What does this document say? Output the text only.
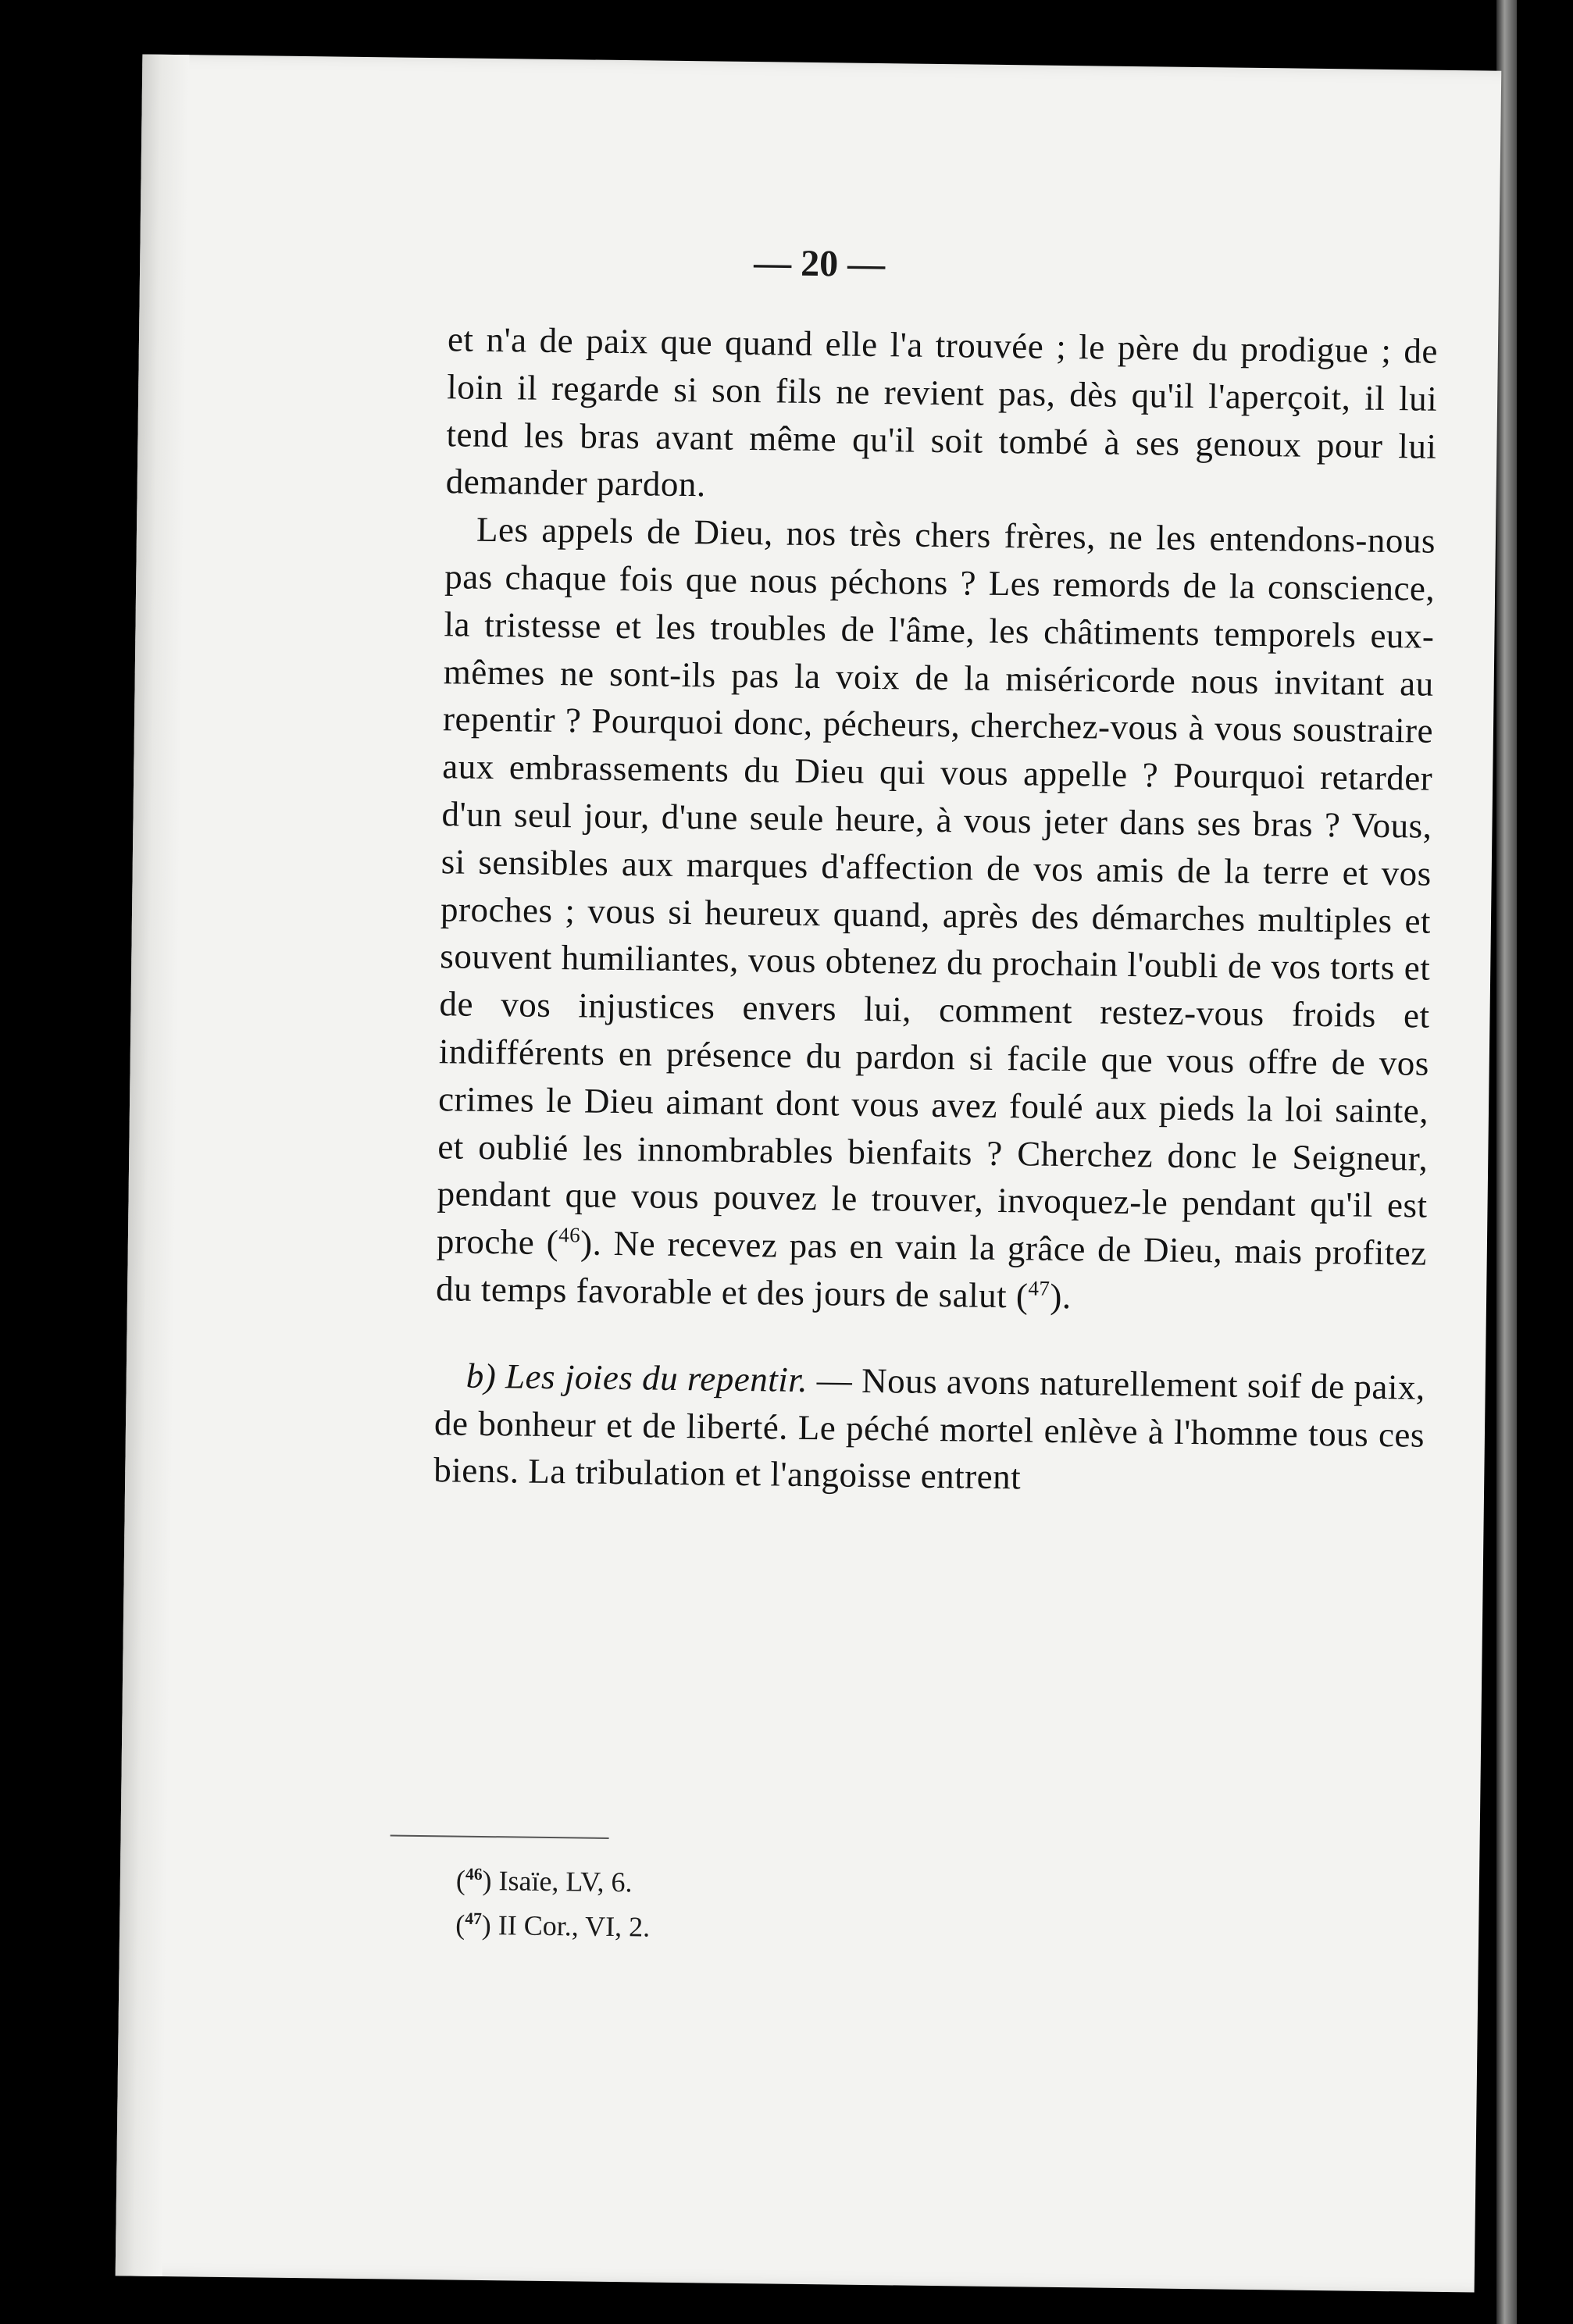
— 20 —

et n'a de paix que quand elle l'a trouvée ; le père du prodigue ; de loin il regarde si son fils ne revient pas, dès qu'il l'aperçoit, il lui tend les bras avant même qu'il soit tombé à ses genoux pour lui demander pardon.

Les appels de Dieu, nos très chers frères, ne les entendons-nous pas chaque fois que nous péchons ? Les remords de la conscience, la tristesse et les troubles de l'âme, les châtiments temporels eux-mêmes ne sont-ils pas la voix de la miséricorde nous invitant au repentir ? Pourquoi donc, pécheurs, cherchez-vous à vous soustraire aux embrassements du Dieu qui vous appelle ? Pourquoi retarder d'un seul jour, d'une seule heure, à vous jeter dans ses bras ? Vous, si sensibles aux marques d'affection de vos amis de la terre et vos proches ; vous si heureux quand, après des démarches multiples et souvent humiliantes, vous obtenez du prochain l'oubli de vos torts et de vos injustices envers lui, comment restez-vous froids et indifférents en présence du pardon si facile que vous offre de vos crimes le Dieu aimant dont vous avez foulé aux pieds la loi sainte, et oublié les innombrables bienfaits ? Cherchez donc le Seigneur, pendant que vous pouvez le trouver, invoquez-le pendant qu'il est proche ($^{46}$). Ne recevez pas en vain la grâce de Dieu, mais profitez du temps favorable et des jours de salut ($^{47}$).

b) Les joies du repentir. — Nous avons naturellement soif de paix, de bonheur et de liberté. Le péché mortel enlève à l'homme tous ces biens. La tribulation et l'angoisse entrent

($^{46}$) Isaïe, LV, 6.
($^{47}$) II Cor., VI, 2.
